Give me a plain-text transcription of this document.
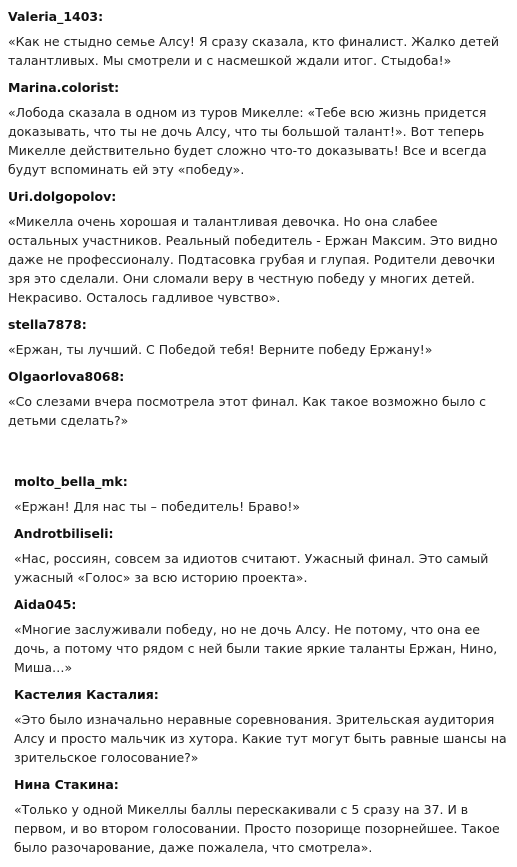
Valeria_1403:

«Как не стыдно семье Алсу! Я сразу сказала, кто финалист. Жалко детей талантливых. Мы смотрели и с насмешкой ждали итог. Стыдоба!»

Marina.colorist:

«Лобода сказала в одном из туров Микелле: «Тебе всю жизнь придется доказывать, что ты не дочь Алсу, что ты большой талант!». Вот теперь Микелле действительно будет сложно что-то доказывать! Все и всегда будут вспоминать ей эту «победу».

Uri.dolgopolov:

«Микелла очень хорошая и талантливая девочка. Но она слабее остальных участников. Реальный победитель - Ержан Максим. Это видно даже не профессионалу. Подтасовка грубая и глупая. Родители девочки зря это сделали. Они сломали веру в честную победу у многих детей. Некрасиво. Осталось гадливое чувство».

stella7878:

«Ержан, ты лучший. С Победой тебя! Верните победу Ержану!»

Olgaorlova8068:

«Со слезами вчера посмотрела этот финал. Как такое возможно было с детьми сделать?»

molto_bella_mk:

«Ержан! Для нас ты – победитель! Браво!»

Androtbiliseli:

«Нас, россиян, совсем за идиотов считают. Ужасный финал. Это самый ужасный «Голос» за всю историю проекта».

Aida045:

«Многие заслуживали победу, но не дочь Алсу. Не потому, что она ее дочь, а потому что рядом с ней были такие яркие таланты Ержан, Нино, Миша…»

Кастелия Касталия:

«Это было изначально неравные соревнования. Зрительская аудитория Алсу и просто мальчик из хутора. Какие тут могут быть равные шансы на зрительское голосование?»

Нина Стакина:

«Только у одной Микеллы баллы перескакивали с 5 сразу на 37. И в первом, и во втором голосовании. Просто позорище позорнейшее. Такое было разочарование, даже пожалела, что смотрела».
